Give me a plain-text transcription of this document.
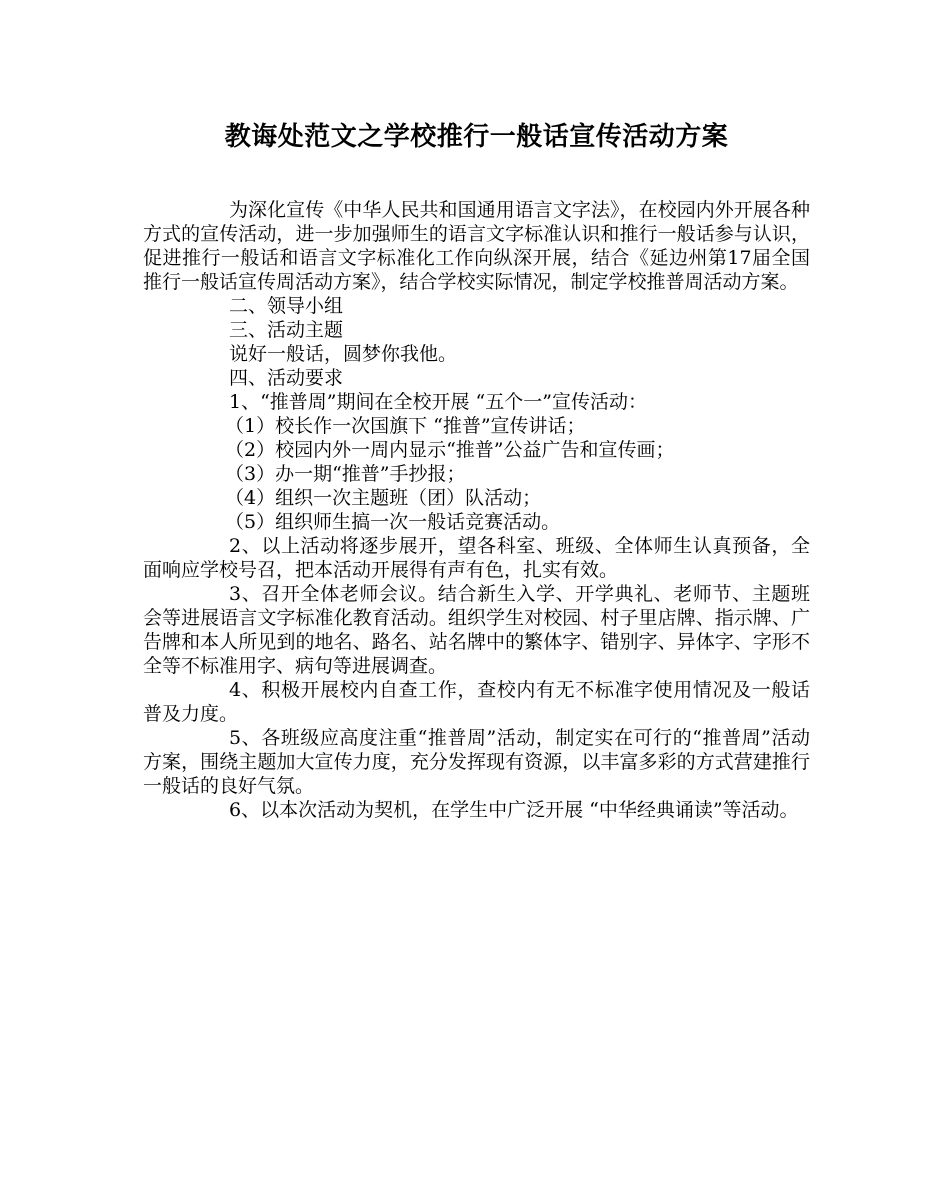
教诲处范文之学校推行一般话宣传活动方案

为深化宣传《中华人民共和国通用语言文字法》，在校园内外开展各种方式的宣传活动，进一步加强师生的语言文字标准认识和推行一般话参与认识，促进推行一般话和语言文字标准化工作向纵深开展，结合《延边州第17届全国推行一般话宣传周活动方案》，结合学校实际情况，制定学校推普周活动方案。

二、领导小组

三、活动主题

说好一般话，圆梦你我他。

四、活动要求

1、“推普周”期间在全校开展 “五个一”宣传活动：

（1）校长作一次国旗下 “推普”宣传讲话；

（2）校园内外一周内显示“推普”公益广告和宣传画；

（3）办一期“推普”手抄报；

（4）组织一次主题班（团）队活动；

（5）组织师生搞一次一般话竞赛活动。

2、以上活动将逐步展开，望各科室、班级、全体师生认真预备，全面响应学校号召，把本活动开展得有声有色，扎实有效。

3、召开全体老师会议。结合新生入学、开学典礼、老师节、主题班会等进展语言文字标准化教育活动。组织学生对校园、村子里店牌、指示牌、广告牌和本人所见到的地名、路名、站名牌中的繁体字、错别字、异体字、字形不全等不标准用字、病句等进展调查。

4、积极开展校内自查工作，查校内有无不标准字使用情况及一般话普及力度。

5、各班级应高度注重“推普周”活动，制定实在可行的“推普周”活动方案，围绕主题加大宣传力度，充分发挥现有资源，以丰富多彩的方式营建推行一般话的良好气氛。

6、以本次活动为契机，在学生中广泛开展 “中华经典诵读”等活动。
